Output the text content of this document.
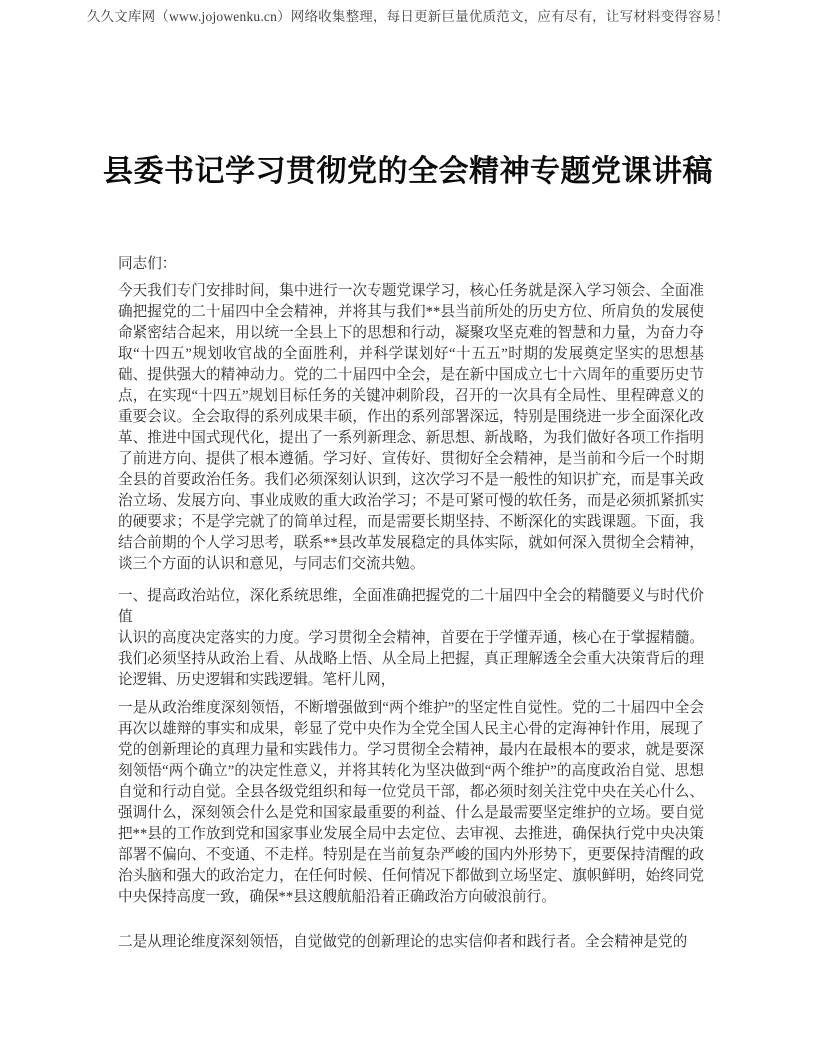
久久文库网（www.jojowenku.cn）网络收集整理，每日更新巨量优质范文，应有尽有，让写材料变得容易！
县委书记学习贯彻党的全会精神专题党课讲稿

同志们：

今天我们专门安排时间，集中进行一次专题党课学习，核心任务就是深入学习领会、全面准确把握党的二十届四中全会精神，并将其与我们**县当前所处的历史方位、所肩负的发展使命紧密结合起来，用以统一全县上下的思想和行动，凝聚攻坚克难的智慧和力量，为奋力夺取“十四五”规划收官战的全面胜利，并科学谋划好“十五五”时期的发展奠定坚实的思想基础、提供强大的精神动力。党的二十届四中全会，是在新中国成立七十六周年的重要历史节点，在实现“十四五”规划目标任务的关键冲刺阶段，召开的一次具有全局性、里程碑意义的重要会议。全会取得的系列成果丰硕，作出的系列部署深远，特别是围绕进一步全面深化改革、推进中国式现代化，提出了一系列新理念、新思想、新战略，为我们做好各项工作指明了前进方向、提供了根本遵循。学习好、宣传好、贯彻好全会精神，是当前和今后一个时期全县的首要政治任务。我们必须深刻认识到，这次学习不是一般性的知识扩充，而是事关政治立场、发展方向、事业成败的重大政治学习；不是可紧可慢的软任务，而是必须抓紧抓实的硬要求；不是学完就了的简单过程，而是需要长期坚持、不断深化的实践课题。下面，我结合前期的个人学习思考，联系**县改革发展稳定的具体实际，就如何深入贯彻全会精神，谈三个方面的认识和意见，与同志们交流共勉。

一、提高政治站位，深化系统思维，全面准确把握党的二十届四中全会的精髓要义与时代价值

认识的高度决定落实的力度。学习贯彻全会精神，首要在于学懂弄通，核心在于掌握精髓。我们必须坚持从政治上看、从战略上悟、从全局上把握，真正理解透全会重大决策背后的理论逻辑、历史逻辑和实践逻辑。笔杆儿网，

一是从政治维度深刻领悟，不断增强做到“两个维护”的坚定性自觉性。党的二十届四中全会再次以雄辩的事实和成果，彰显了党中央作为全党全国人民主心骨的定海神针作用，展现了党的创新理论的真理力量和实践伟力。学习贯彻全会精神，最内在最根本的要求，就是要深刻领悟“两个确立”的决定性意义，并将其转化为坚决做到“两个维护”的高度政治自觉、思想自觉和行动自觉。全县各级党组织和每一位党员干部，都必须时刻关注党中央在关心什么、强调什么，深刻领会什么是党和国家最重要的利益、什么是最需要坚定维护的立场。要自觉把**县的工作放到党和国家事业发展全局中去定位、去审视、去推进，确保执行党中央决策部署不偏向、不变通、不走样。特别是在当前复杂严峻的国内外形势下，更要保持清醒的政治头脑和强大的政治定力，在任何时候、任何情况下都做到立场坚定、旗帜鲜明，始终同党中央保持高度一致，确保**县这艘航船沿着正确政治方向破浪前行。

二是从理论维度深刻领悟，自觉做党的创新理论的忠实信仰者和践行者。全会精神是党的
